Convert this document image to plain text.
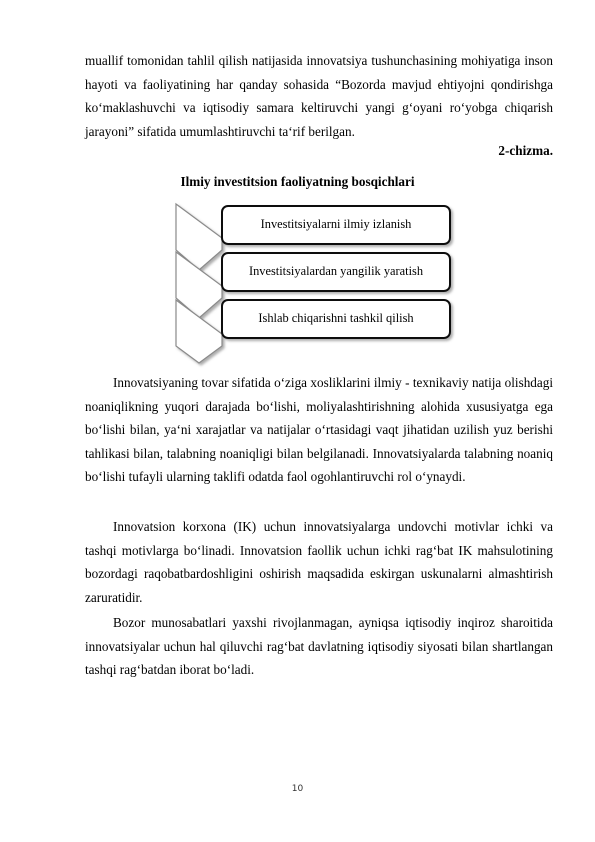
muallif tomonidan tahlil qilish natijasida innovatsiya tushunchasining mohiyatiga inson hayoti va faoliyatining har qanday sohasida “Bozorda mavjud ehtiyojni qondirishga ko‘maklashuvchi va iqtisodiy samara keltiruvchi yangi g‘oyani ro‘yobga chiqarish jarayoni” sifatida umumlashtiruvchi ta‘rif berilgan.
2-chizma.
Ilmiy investitsion faoliyatning bosqichlari
Investitsiyalarni ilmiy izlanish
Investitsiyalardan yangilik yaratish
Ishlab chiqarishni tashkil qilish
Innovatsiyaning tovar sifatida o‘ziga xosliklarini ilmiy - texnikaviy natija olishdagi noaniqlikning yuqori darajada bo‘lishi, moliyalashtirishning alohida xususiyatga ega bo‘lishi bilan, ya‘ni xarajatlar va natijalar o‘rtasidagi vaqt jihatidan uzilish yuz berishi tahlikasi bilan, talabning noaniqligi bilan belgilanadi. Innovatsiyalarda talabning noaniq bo‘lishi tufayli ularning taklifi odatda faol ogohlantiruvchi rol o‘ynaydi.
Innovatsion korxona (IK) uchun innovatsiyalarga undovchi motivlar ichki va tashqi motivlarga bo‘linadi. Innovatsion faollik uchun ichki rag‘bat IK mahsulotining bozordagi raqobatbardoshligini oshirish maqsadida eskirgan uskunalarni almashtirish zaruratidir.
Bozor munosabatlari yaxshi rivojlanmagan, ayniqsa iqtisodiy inqiroz sharoitida innovatsiyalar uchun hal qiluvchi rag‘bat davlatning iqtisodiy siyosati bilan shartlangan tashqi rag‘batdan iborat bo‘ladi.
10
